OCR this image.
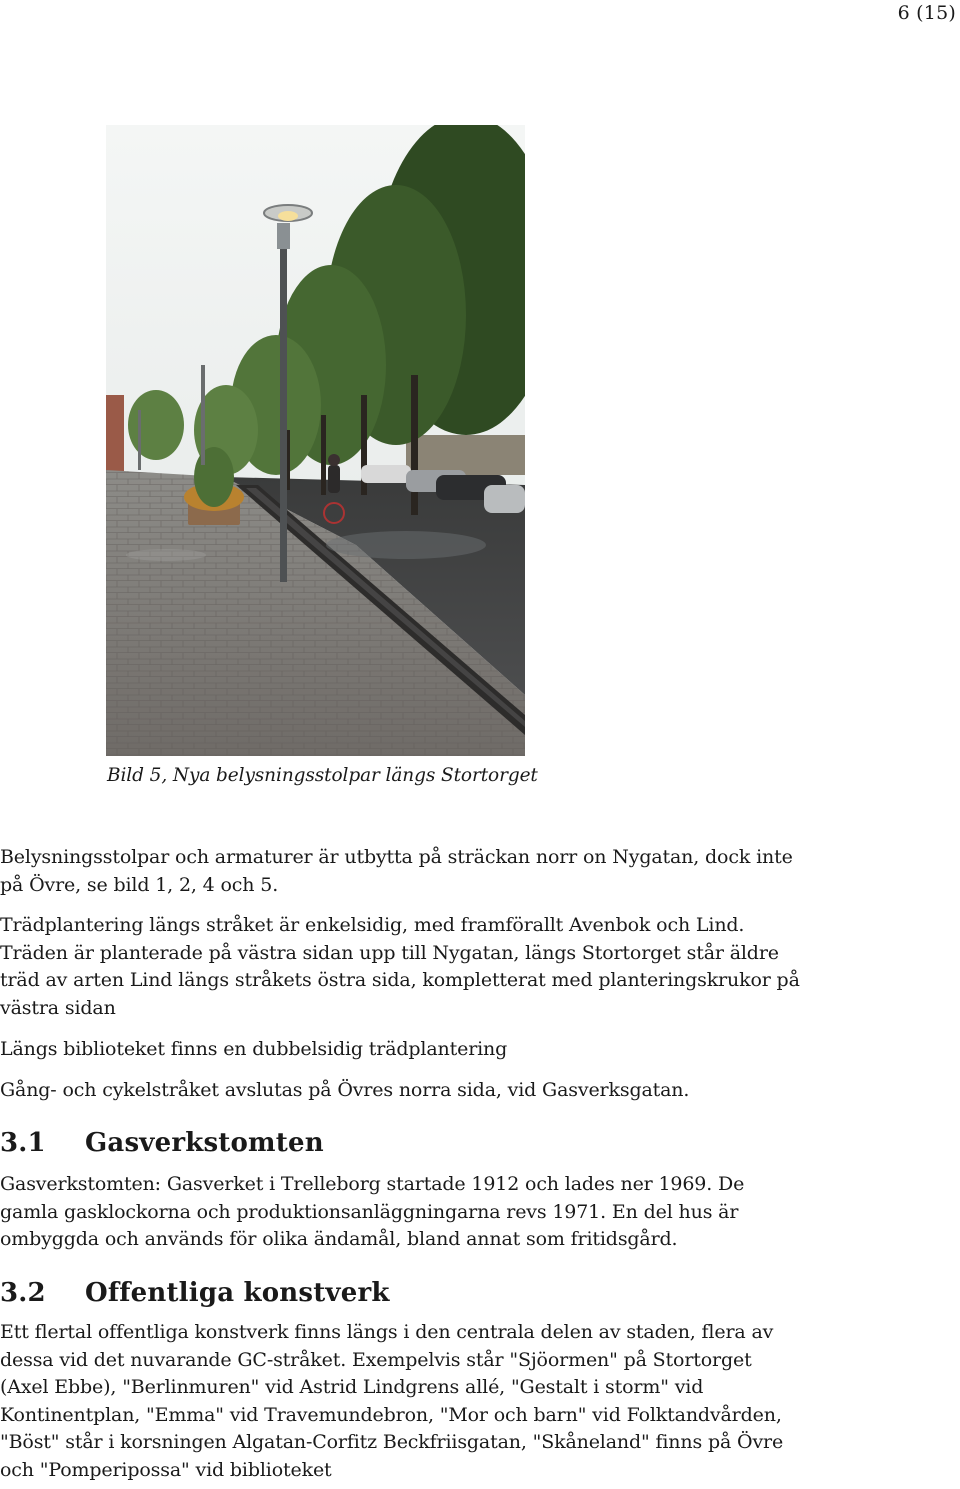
6 (15)
Bild 5, Nya belysningsstolpar längs Stortorget

Belysningsstolpar och armaturer är utbytta på sträckan norr on Nygatan, dock inte på Övre, se bild 1, 2, 4 och 5.

Trädplantering längs stråket är enkelsidig, med framförallt Avenbok och Lind. Träden är planterade på västra sidan upp till Nygatan, längs Stortorget står äldre träd av arten Lind längs stråkets östra sida, kompletterat med planteringskrukor på västra sidan

Längs biblioteket finns en dubbelsidig trädplantering

Gång- och cykelstråket avslutas på Övres norra sida, vid Gasverksgatan.

3.1 Gasverkstomten

Gasverkstomten: Gasverket i Trelleborg startade 1912 och lades ner 1969. De gamla gasklockorna och produktionsanläggningarna revs 1971. En del hus är ombyggda och används för olika ändamål, bland annat som fritidsgård.

3.2 Offentliga konstverk

Ett flertal offentliga konstverk finns längs i den centrala delen av staden, flera av dessa vid det nuvarande GC-stråket. Exempelvis står "Sjöormen" på Stortorget (Axel Ebbe), "Berlinmuren" vid Astrid Lindgrens allé, "Gestalt i storm" vid Kontinentplan, "Emma" vid Travemundebron, "Mor och barn" vid Folktandvården, "Böst" står i korsningen Algatan-Corfitz Beckfriisgatan, "Skåneland" finns på Övre och "Pomperipossa" vid biblioteket
